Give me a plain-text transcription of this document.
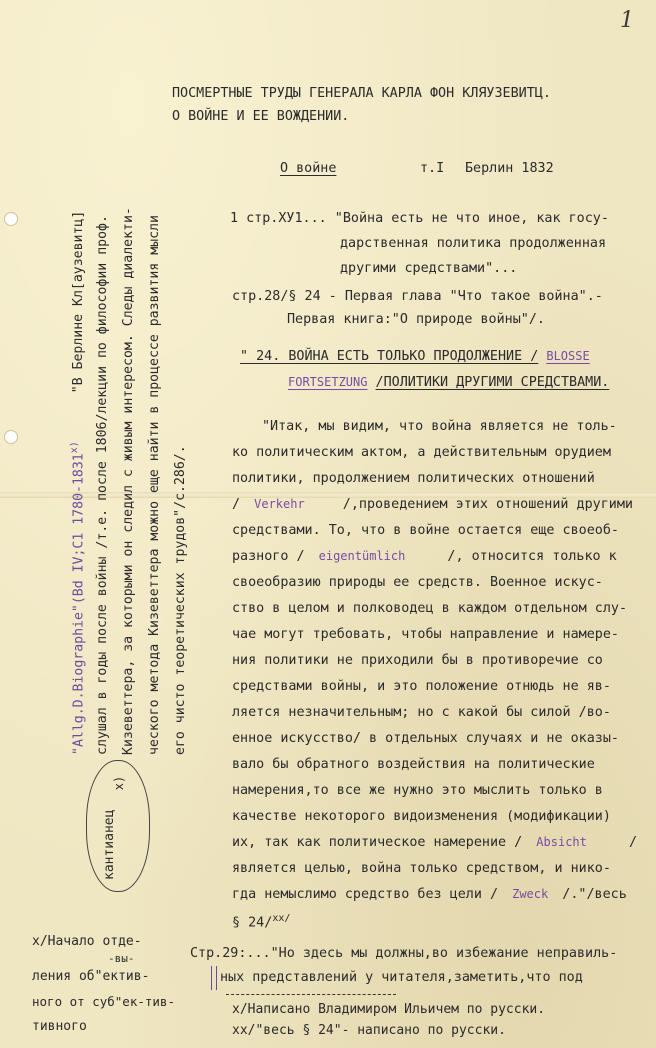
1
ПОСМЕРТНЫЕ ТРУДЫ ГЕНЕРАЛА КАРЛА ФОН КЛЯУЗЕВИТЦ.
О ВОЙНЕ И ЕЕ ВОЖДЕНИИ.
О войне	т.I Берлин 1832
1 стр.ХУ1... "Война есть не что иное, как госу-
дарственная политика продолженная
другими средствами"...
стр.28/§ 24 - Первая глава "Что такое война".-
Первая книга:"О природе войны"/.
" 24. ВОЙНА ЕСТЬ ТОЛЬКО ПРОДОЛЖЕНИЕ / BLOSSE
FORTSETZUNG /ПОЛИТИКИ ДРУГИМИ СРЕДСТВАМИ.
"Итак, мы видим, что война является не толь-
ко политическим актом, а действительным орудием
политики, продолжением политических отношений
/ Verkehr	/,проведением этих отношений другими
средствами. То, что в войне остается еще своеоб-
разного / eigentümlich	/, относится только к
своеобразию природы ее средств. Военное искус-
ство в целом и полководец в каждом отдельном слу-
чае могут требовать, чтобы направление и намере-
ния политики не приходили бы в противоречие со
средствами войны, и это положение отнюдь не яв-
ляется незначительным; но с какой бы силой /во-
енное искусство/ в отдельных случаях и не оказы-
вало бы обратного воздействия на политические
намерения,то все же нужно это мыслить только в
качестве некоторого видоизменения (модификации)
их, так как политическое намерение / Absicht	/
является целью, война только средством, и нико-
гда немыслимо средство без цели / Zweck /."/весь
§ 24/$^{xx/}$
Стр.29:..."Но здесь мы должны,во избежание неправиль-
ных представлений у читателя,заметить,что под
x/Написано Владимиром Ильичем по русски.
xx/"весь § 24"- написано по русски.
х/Начало отде-
-вы-
ления об"ектив-
ного от суб"ек-тив-
тивного
"Allg.D.Biographie"(Bd IV;C1 1780-1831$^{x)}$ "В Берлине Кл[аузевитц] слушал в годы после войны /т.е. после 1806/лекции по философии проф. Кизеветтера, за которыми он следил с живым интересом. Следы диалекти- ческого метода Кизеветтера можно еще найти в процессе развития мысли его чисто теоретических трудов"/с.286/.
кантианец
x)
